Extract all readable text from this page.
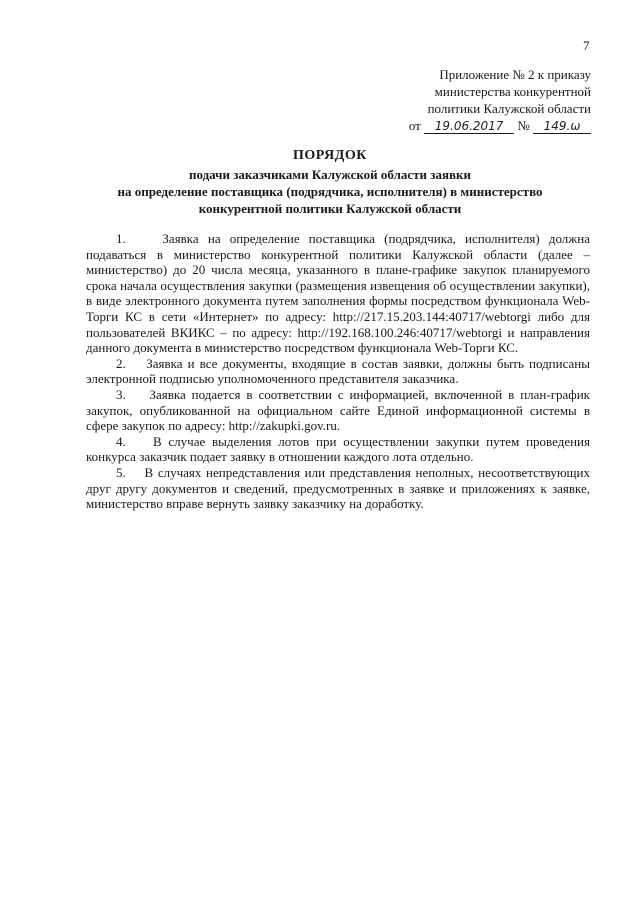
7
Приложение № 2 к приказу
министерства конкурентной
политики Калужской области
от 19.06.2017 № 149.ω
ПОРЯДОК
подачи заказчиками Калужской области заявки
на определение поставщика (подрядчика, исполнителя) в министерство
конкурентной политики Калужской области

1.    Заявка на определение поставщика (подрядчика, исполнителя) должна подаваться в министерство конкурентной политики Калужской области (далее – министерство) до 20 числа месяца, указанного в плане-графике закупок планируемого срока начала осуществления закупки (размещения извещения об осуществлении закупки), в виде электронного документа путем заполнения формы посредством функционала Web-Торги КС в сети «Интернет» по адресу: http://217.15.203.144:40717/webtorgi либо для пользователей ВКИКС – по адресу: http://192.168.100.246:40717/webtorgi и направления данного документа в министерство посредством функционала Web-Торги КС.

2.    Заявка и все документы, входящие в состав заявки, должны быть подписаны электронной подписью уполномоченного представителя заказчика.

3.    Заявка подается в соответствии с информацией, включенной в план-график закупок, опубликованной на официальном сайте Единой информационной системы в сфере закупок по адресу: http://zakupki.gov.ru.

4.    В случае выделения лотов при осуществлении закупки путем проведения конкурса заказчик подает заявку в отношении каждого лота отдельно.

5.    В случаях непредставления или представления неполных, несоответствующих друг другу документов и сведений, предусмотренных в заявке и приложениях к заявке, министерство вправе вернуть заявку заказчику на доработку.
